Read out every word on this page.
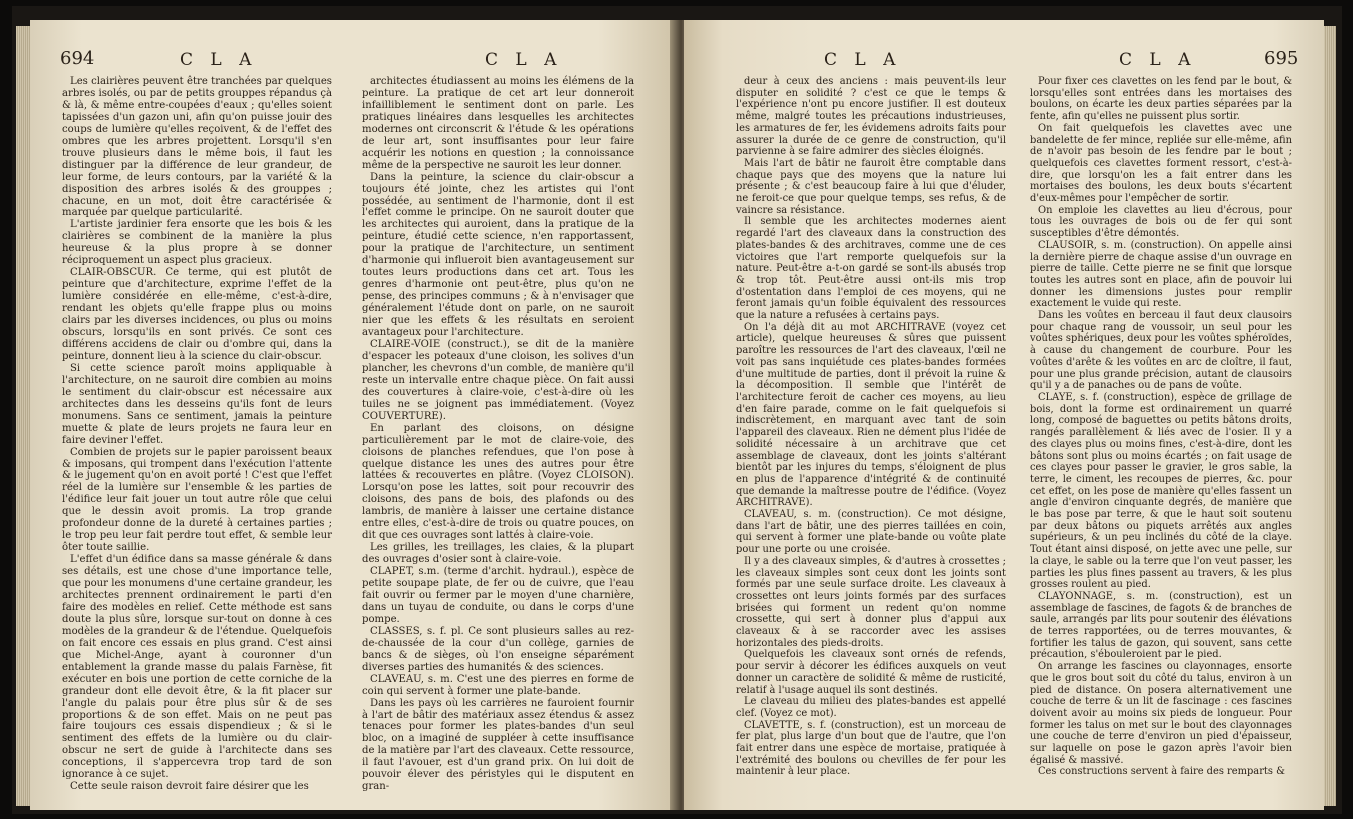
694	C L A	C L A

Les clairières peuvent être tranchées par quelques arbres isolés, ou par de petits grouppes répandus çà & là, & même entre-coupées d'eaux ; qu'elles soient tapissées d'un gazon uni, afin qu'on puisse jouir des coups de lumière qu'elles reçoivent, & de l'effet des ombres que les arbres projettent. Lorsqu'il s'en trouve plusieurs dans le même bois, il faut les distinguer par la différence de leur grandeur, de leur forme, de leurs contours, par la variété & la disposition des arbres isolés & des grouppes ; chacune, en un mot, doit être caractérisée & marquée par quelque particularité.

L'artiste jardinier fera ensorte que les bois & les clairières se combinent de la manière la plus heureuse & la plus propre à se donner réciproquement un aspect plus gracieux.

CLAIR-OBSCUR. Ce terme, qui est plutôt de peinture que d'architecture, exprime l'effet de la lumière considérée en elle-même, c'est-à-dire, rendant les objets qu'elle frappe plus ou moins clairs par les diverses incidences, ou plus ou moins obscurs, lorsqu'ils en sont privés. Ce sont ces différens accidens de clair ou d'ombre qui, dans la peinture, donnent lieu à la science du clair-obscur.

Si cette science paroît moins appliquable à l'architecture, on ne sauroit dire combien au moins le sentiment du clair-obscur est nécessaire aux architectes dans les desseins qu'ils font de leurs monumens. Sans ce sentiment, jamais la peinture muette & plate de leurs projets ne faura leur en faire deviner l'effet.

Combien de projets sur le papier paroissent beaux & imposans, qui trompent dans l'exécution l'attente & le jugement qu'on en avoit porté ! C'est que l'effet réel de la lumière sur l'ensemble & les parties de l'édifice leur fait jouer un tout autre rôle que celui que le dessin avoit promis. La trop grande profondeur donne de la dureté à certaines parties ; le trop peu leur fait perdre tout effet, & semble leur ôter toute saillie.

L'effet d'un édifice dans sa masse générale & dans ses détails, est une chose d'une importance telle, que pour les monumens d'une certaine grandeur, les architectes prennent ordinairement le parti d'en faire des modèles en relief. Cette méthode est sans doute la plus sûre, lorsque sur-tout on donne à ces modèles de la grandeur & de l'étendue. Quelquefois on fait encore ces essais en plus grand. C'est ainsi que Michel-Ange, ayant à couronner d'un entablement la grande masse du palais Farnèse, fit exécuter en bois une portion de cette corniche de la grandeur dont elle devoit être, & la fit placer sur l'angle du palais pour être plus sûr & de ses proportions & de son effet. Mais on ne peut pas faire toujours ces essais dispendieux ; & si le sentiment des effets de la lumière ou du clair-obscur ne sert de guide à l'architecte dans ses conceptions, il s'appercevra trop tard de son ignorance à ce sujet.

Cette seule raison devroit faire désirer que les

architectes étudiassent au moins les élémens de la peinture. La pratique de cet art leur donneroit infailliblement le sentiment dont on parle. Les pratiques linéaires dans lesquelles les architectes modernes ont circonscrit & l'étude & les opérations de leur art, sont insuffisantes pour leur faire acquérir les notions en question ; la connoissance même de la perspective ne sauroit les leur donner.

Dans la peinture, la science du clair-obscur a toujours été jointe, chez les artistes qui l'ont possédée, au sentiment de l'harmonie, dont il est l'effet comme le principe. On ne sauroit douter que les architectes qui auroient, dans la pratique de la peinture, étudié cette science, n'en rapportassent, pour la pratique de l'architecture, un sentiment d'harmonie qui influeroit bien avantageusement sur toutes leurs productions dans cet art. Tous les genres d'harmonie ont peut-être, plus qu'on ne pense, des principes communs ; & à n'envisager que généralement l'étude dont on parle, on ne sauroit nier que les effets & les résultats en seroient avantageux pour l'architecture.

CLAIRE-VOIE (construct.), se dit de la manière d'espacer les poteaux d'une cloison, les solives d'un plancher, les chevrons d'un comble, de manière qu'il reste un intervalle entre chaque pièce. On fait aussi des couvertures à claire-voie, c'est-à-dire où les tuiles ne se joignent pas immédiatement. (Voyez COUVERTURE).

En parlant des cloisons, on désigne particulièrement par le mot de claire-voie, des cloisons de planches refendues, que l'on pose à quelque distance les unes des autres pour être lattées & recouvertes en plâtre. (Voyez CLOISON). Lorsqu'on pose les lattes, soit pour recouvrir des cloisons, des pans de bois, des plafonds ou des lambris, de manière à laisser une certaine distance entre elles, c'est-à-dire de trois ou quatre pouces, on dit que ces ouvrages sont lattés à claire-voie.

Les grilles, les treillages, les claies, & la plupart des ouvrages d'osier sont à claire-voie.

CLAPET, s.m. (terme d'archit. hydraul.), espèce de petite soupape plate, de fer ou de cuivre, que l'eau fait ouvrir ou fermer par le moyen d'une charnière, dans un tuyau de conduite, ou dans le corps d'une pompe.

CLASSES, s. f. pl. Ce sont plusieurs salles au rez-de-chaussée de la cour d'un collège, garnies de bancs & de sièges, où l'on enseigne séparément diverses parties des humanités & des sciences.

CLAVEAU, s. m. C'est une des pierres en forme de coin qui servent à former une plate-bande.

Dans les pays où les carrières ne fauroient fournir à l'art de bâtir des matériaux assez étendus & assez tenaces pour former les plates-bandes d'un seul bloc, on a imaginé de suppléer à cette insuffisance de la matière par l'art des claveaux. Cette ressource, il faut l'avouer, est d'un grand prix. On lui doit de pouvoir élever des péristyles qui le disputent en gran-

C L A	C L A	695

deur à ceux des anciens : mais peuvent-ils leur disputer en solidité ? c'est ce que le temps & l'expérience n'ont pu encore justifier. Il est douteux même, malgré toutes les précautions industrieuses, les armatures de fer, les évidemens adroits faits pour assurer la durée de ce genre de construction, qu'il parvienne à se faire admirer des siècles éloignés.

Mais l'art de bâtir ne fauroit être comptable dans chaque pays que des moyens que la nature lui présente ; & c'est beaucoup faire à lui que d'éluder, ne feroit-ce que pour quelque temps, ses refus, & de vaincre sa résistance.

Il semble que les architectes modernes aient regardé l'art des claveaux dans la construction des plates-bandes & des architraves, comme une de ces victoires que l'art remporte quelquefois sur la nature. Peut-être a-t-on gardé se sont-ils abusés trop & trop tôt. Peut-être aussi ont-ils mis trop d'ostentation dans l'emploi de ces moyens, qui ne feront jamais qu'un foible équivalent des ressources que la nature a refusées à certains pays.

On l'a déjà dit au mot ARCHITRAVE (voyez cet article), quelque heureuses & sûres que puissent paroître les ressources de l'art des claveaux, l'œil ne voit pas sans inquiétude ces plates-bandes formées d'une multitude de parties, dont il prévoit la ruine & la décomposition. Il semble que l'intérêt de l'architecture feroit de cacher ces moyens, au lieu d'en faire parade, comme on le fait quelquefois si indiscrètement, en marquant avec tant de soin l'appareil des claveaux. Rien ne dément plus l'idée de solidité nécessaire à un architrave que cet assemblage de claveaux, dont les joints s'altérant bientôt par les injures du temps, s'éloignent de plus en plus de l'apparence d'intégrité & de continuité que demande la maîtresse poutre de l'édifice. (Voyez ARCHITRAVE).

CLAVEAU, s. m. (construction). Ce mot désigne, dans l'art de bâtir, une des pierres taillées en coin, qui servent à former une plate-bande ou voûte plate pour une porte ou une croisée.

Il y a des claveaux simples, & d'autres à crossettes ; les claveaux simples sont ceux dont les joints sont formés par une seule surface droite. Les claveaux à crossettes ont leurs joints formés par des surfaces brisées qui forment un redent qu'on nomme crossette, qui sert à donner plus d'appui aux claveaux & à se raccorder avec les assises horizontales des pieds-droits.

Quelquefois les claveaux sont ornés de refends, pour servir à décorer les édifices auxquels on veut donner un caractère de solidité & même de rusticité, relatif à l'usage auquel ils sont destinés.

Le claveau du milieu des plates-bandes est appellé clef. (Voyez ce mot).

CLAVETTE, s. f. (construction), est un morceau de fer plat, plus large d'un bout que de l'autre, que l'on fait entrer dans une espèce de mortaise, pratiquée à l'extrémité des boulons ou chevilles de fer pour les maintenir à leur place.

Pour fixer ces clavettes on les fend par le bout, & lorsqu'elles sont entrées dans les mortaises des boulons, on écarte les deux parties séparées par la fente, afin qu'elles ne puissent plus sortir.

On fait quelquefois les clavettes avec une bandelette de fer mince, repliée sur elle-même, afin de n'avoir pas besoin de les fendre par le bout ; quelquefois ces clavettes forment ressort, c'est-à-dire, que lorsqu'on les a fait entrer dans les mortaises des boulons, les deux bouts s'écartent d'eux-mêmes pour l'empêcher de sortir.

On emploie les clavettes au lieu d'écrous, pour tous les ouvrages de bois ou de fer qui sont susceptibles d'être démontés.

CLAUSOIR, s. m. (construction). On appelle ainsi la dernière pierre de chaque assise d'un ouvrage en pierre de taille. Cette pierre ne se finit que lorsque toutes les autres sont en place, afin de pouvoir lui donner les dimensions justes pour remplir exactement le vuide qui reste.

Dans les voûtes en berceau il faut deux clausoirs pour chaque rang de voussoir, un seul pour les voûtes sphériques, deux pour les voûtes sphéroïdes, à cause du changement de courbure. Pour les voûtes d'arête & les voûtes en arc de cloître, il faut, pour une plus grande précision, autant de clausoirs qu'il y a de panaches ou de pans de voûte.

CLAYE, s. f. (construction), espèce de grillage de bois, dont la forme est ordinairement un quarré long, composé de baguettes ou petits bâtons droits, rangés parallèlement & liés avec de l'osier. Il y a des clayes plus ou moins fines, c'est-à-dire, dont les bâtons sont plus ou moins écartés ; on fait usage de ces clayes pour passer le gravier, le gros sable, la terre, le ciment, les recoupes de pierres, &c. pour cet effet, on les pose de manière qu'elles fassent un angle d'environ cinquante degrés, de manière que le bas pose par terre, & que le haut soit soutenu par deux bâtons ou piquets arrêtés aux angles supérieurs, & un peu inclinés du côté de la claye. Tout étant ainsi disposé, on jette avec une pelle, sur la claye, le sable ou la terre que l'on veut passer, les parties les plus fines passent au travers, & les plus grosses roulent au pied.

CLAYONNAGE, s. m. (construction), est un assemblage de fascines, de fagots & de branches de saule, arrangés par lits pour soutenir des élévations de terres rapportées, ou de terres mouvantes, & fortifier les talus de gazon, qui souvent, sans cette précaution, s'ébouleroient par le pied.

On arrange les fascines ou clayonnages, ensorte que le gros bout soit du côté du talus, environ à un pied de distance. On posera alternativement une couche de terre & un lit de fascinage : ces fascines doivent avoir au moins six pieds de longueur. Pour former les talus on met sur le bout des clayonnages une couche de terre d'environ un pied d'épaisseur, sur laquelle on pose le gazon après l'avoir bien égalisé & massivé.

Ces constructions servent à faire des remparts &
